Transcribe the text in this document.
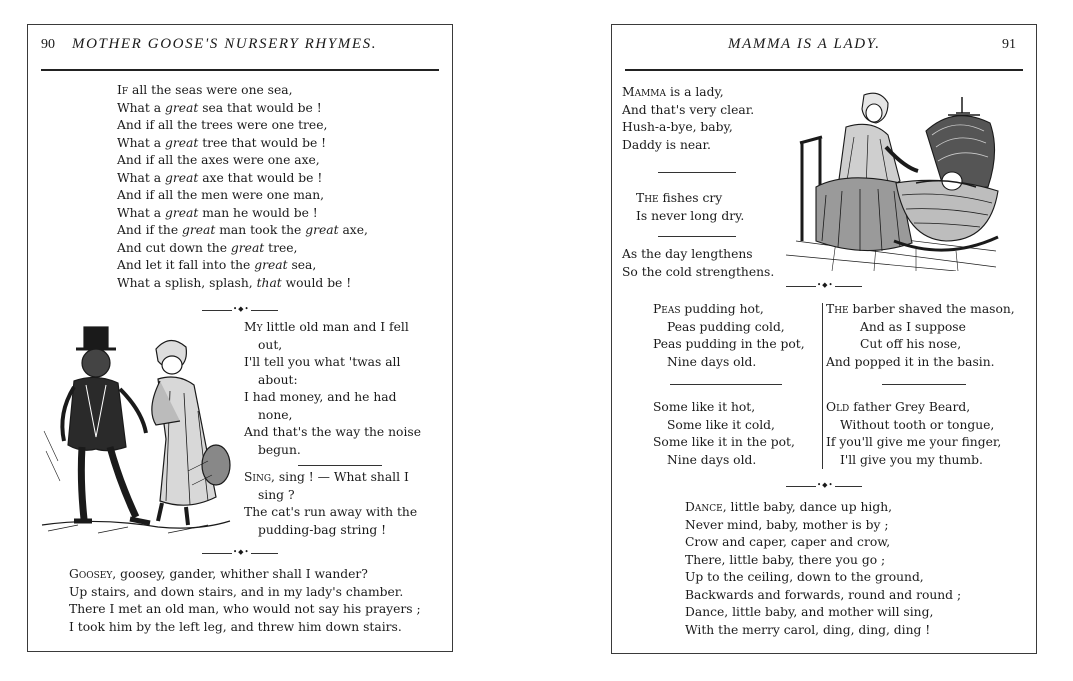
90 MOTHER GOOSE'S NURSERY RHYMES.
If all the seas were one sea,
What a great sea that would be !
And if all the trees were one tree,
What a great tree that would be !
And if all the axes were one axe,
What a great axe that would be !
And if all the men were one man,
What a great man he would be !
And if the great man took the great axe,
And cut down the great tree,
And let it fall into the great sea,
What a splish, splash, that would be !
•◆•
My little old man and I fell
out,
I'll tell you what 'twas all
about:
I had money, and he had
none,
And that's the way the noise
begun.
Sing, sing ! — What shall I
sing ?
The cat's run away with the
pudding-bag string !
•◆•
Goosey, goosey, gander, whither shall I wander?
Up stairs, and down stairs, and in my lady's chamber.
There I met an old man, who would not say his prayers ;
I took him by the left leg, and threw him down stairs.
MAMMA IS A LADY.	91
Mamma is a lady,
And that's very clear.
Hush-a-bye, baby,
Daddy is near.
The fishes cry
Is never long dry.
As the day lengthens
So the cold strengthens.
•◆•
Peas pudding hot,
Peas pudding cold,
Peas pudding in the pot,
Nine days old.
Some like it hot,
Some like it cold,
Some like it in the pot,
Nine days old.
The barber shaved the mason,
And as I suppose
Cut off his nose,
And popped it in the basin.
Old father Grey Beard,
Without tooth or tongue,
If you'll give me your finger,
I'll give you my thumb.
•◆•
Dance, little baby, dance up high,
Never mind, baby, mother is by ;
Crow and caper, caper and crow,
There, little baby, there you go ;
Up to the ceiling, down to the ground,
Backwards and forwards, round and round ;
Dance, little baby, and mother will sing,
With the merry carol, ding, ding, ding !
